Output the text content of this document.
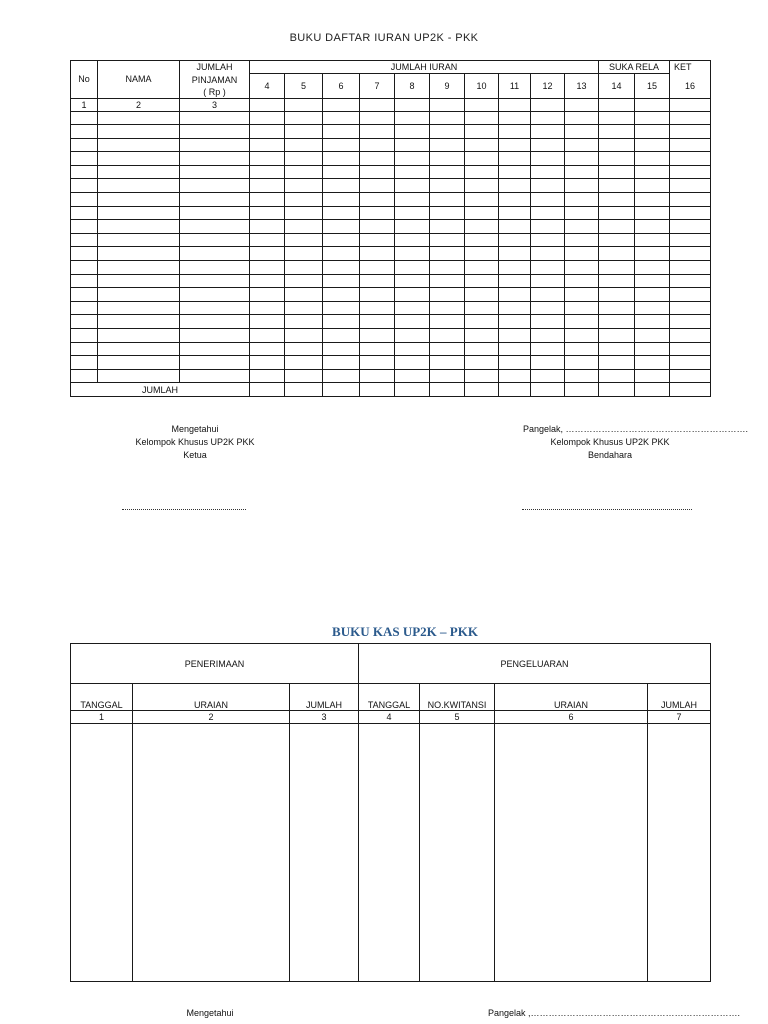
BUKU DAFTAR IURAN UP2K - PKK
No	NAMA	JUMLAH	JUMLAH IURAN										SUKA RELA		KET
		PINJAMAN	4	5	6	7	8	9	10	11	12	13	14	15	16
		( Rp )													
1	2	3													

JUMLAH															
Mengetahui
Kelompok Khusus UP2K PKK
Ketua
Pangelak, …………………………………………………….
Kelompok Khusus UP2K PKK
Bendahara
BUKU KAS UP2K – PKK
PENERIMAAN			PENGELUARAN			
TANGGAL	URAIAN	JUMLAH	TANGGAL	NO.KWITANSI	URAIAN	JUMLAH
1	2	3	4	5	6	7

Mengetahui	Pangelak ,…………………………………………………………….
